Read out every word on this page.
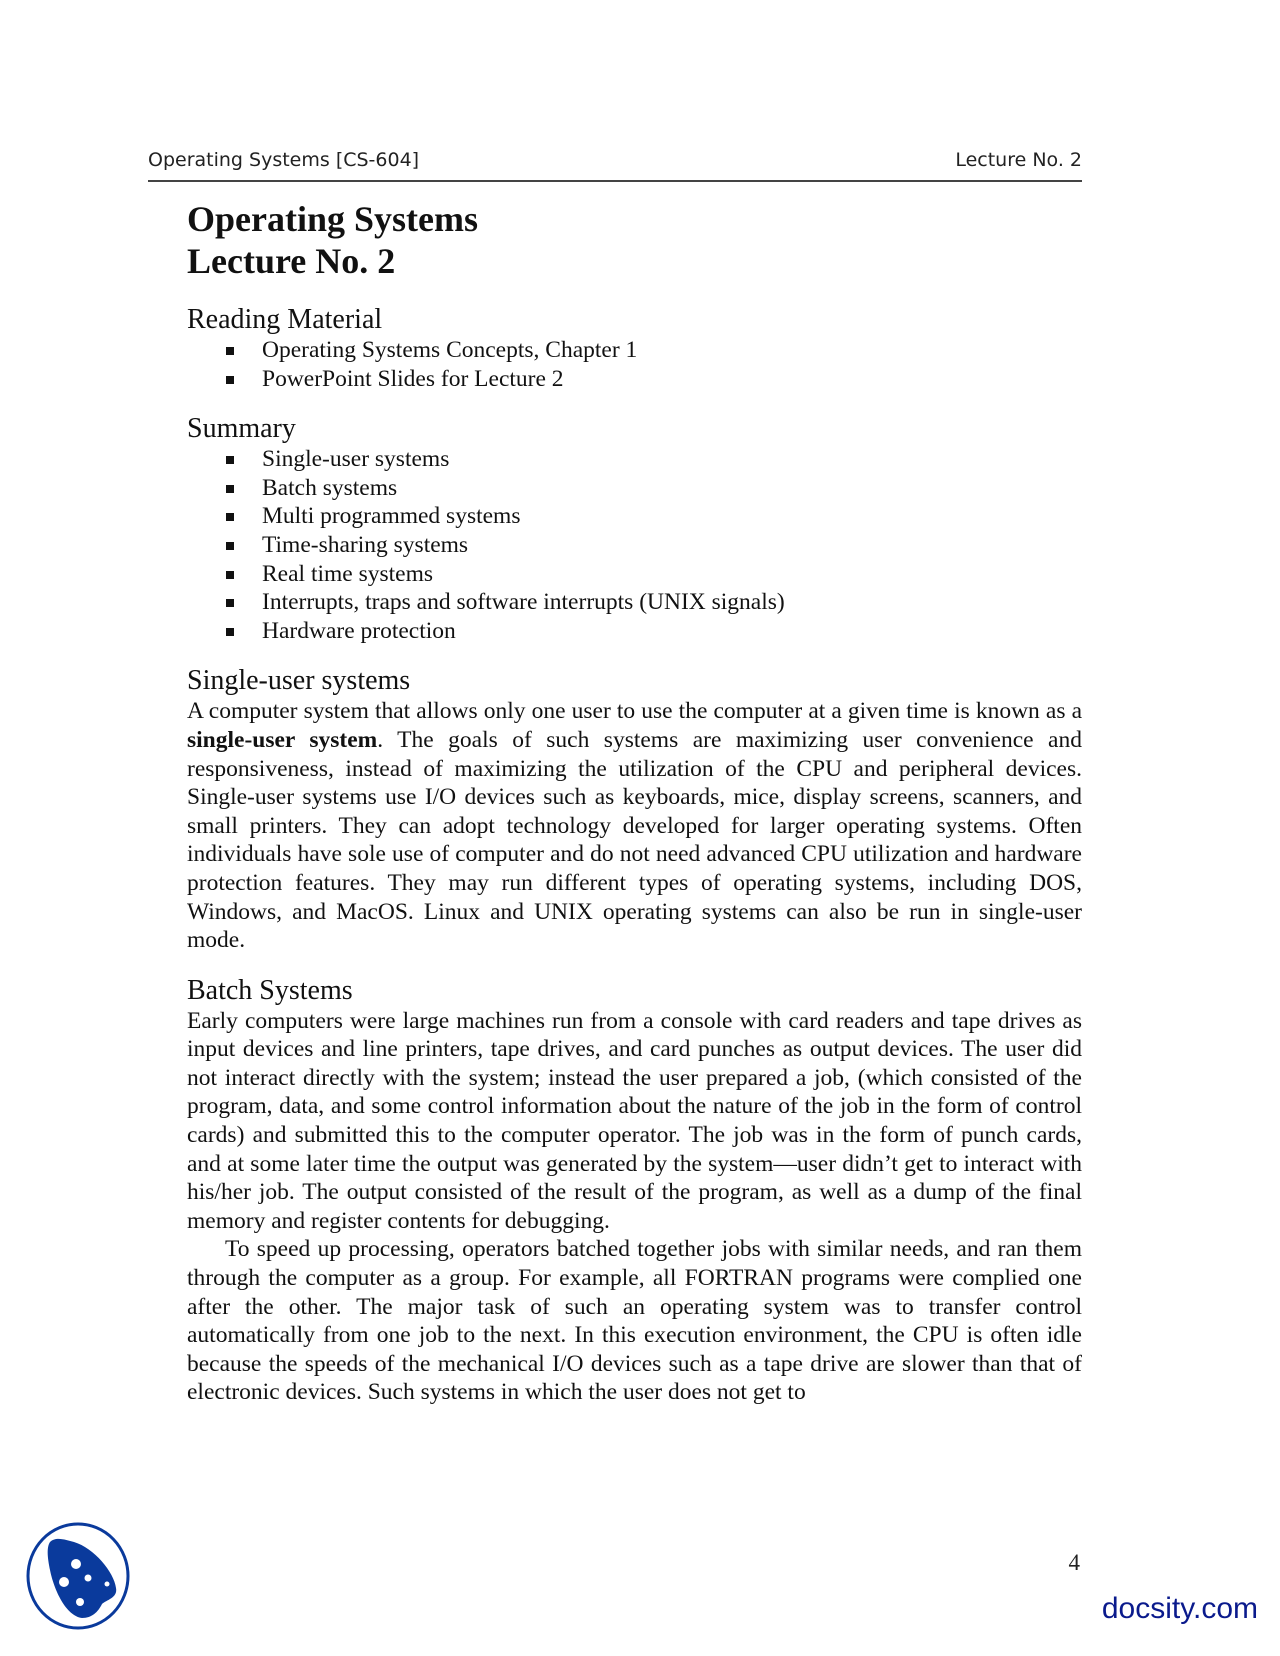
Operating Systems [CS-604]	Lecture No. 2
Operating Systems
Lecture No. 2
Reading Material
Operating Systems Concepts, Chapter 1
PowerPoint Slides for Lecture 2
Summary
Single-user systems
Batch systems
Multi programmed systems
Time-sharing systems
Real time systems
Interrupts, traps and software interrupts (UNIX signals)
Hardware protection
Single-user systems

A computer system that allows only one user to use the computer at a given time is known as a single-user system. The goals of such systems are maximizing user convenience and responsiveness, instead of maximizing the utilization of the CPU and peripheral devices. Single-user systems use I/O devices such as keyboards, mice, display screens, scanners, and small printers. They can adopt technology developed for larger operating systems. Often individuals have sole use of computer and do not need advanced CPU utilization and hardware protection features. They may run different types of operating systems, including DOS, Windows, and MacOS. Linux and UNIX operating systems can also be run in single-user mode.

Batch Systems

Early computers were large machines run from a console with card readers and tape drives as input devices and line printers, tape drives, and card punches as output devices. The user did not interact directly with the system; instead the user prepared a job, (which consisted of the program, data, and some control information about the nature of the job in the form of control cards) and submitted this to the computer operator. The job was in the form of punch cards, and at some later time the output was generated by the system—user didn’t get to interact with his/her job. The output consisted of the result of the program, as well as a dump of the final memory and register contents for debugging.

To speed up processing, operators batched together jobs with similar needs, and ran them through the computer as a group. For example, all FORTRAN programs were complied one after the other. The major task of such an operating system was to transfer control automatically from one job to the next. In this execution environment, the CPU is often idle because the speeds of the mechanical I/O devices such as a tape drive are slower than that of electronic devices. Such systems in which the user does not get to

4
docsity.com
